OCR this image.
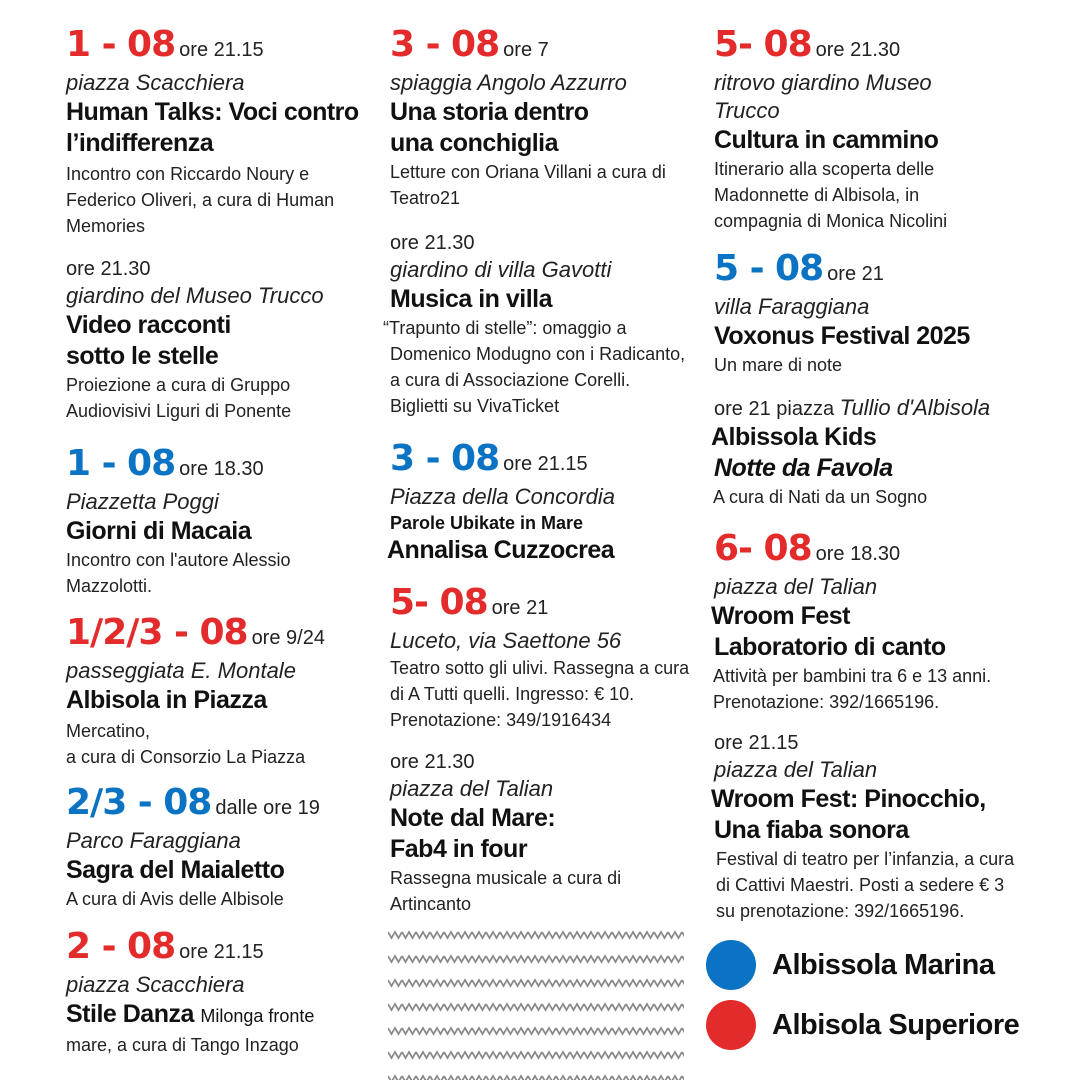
1 - 08 ore 21.15
piazza Scacchiera
Human Talks: Voci contro
l’indifferenza
Incontro con Riccardo Noury e
Federico Oliveri, a cura di Human
Memories
ore 21.30
giardino del Museo Trucco
Video racconti
sotto le stelle
Proiezione a cura di Gruppo
Audiovisivi Liguri di Ponente
1 - 08 ore 18.30
Piazzetta Poggi
Giorni di Macaia
Incontro con l'autore Alessio
Mazzolotti.
1/2/3 - 08 ore 9/24
passeggiata E. Montale
Albisola in Piazza
Mercatino,
a cura di Consorzio La Piazza
2/3 - 08 dalle ore 19
Parco Faraggiana
Sagra del Maialetto
A cura di Avis delle Albisole
2 - 08 ore 21.15
piazza Scacchiera
Stile Danza Milonga fronte
mare, a cura di Tango Inzago
3 - 08 ore 7
spiaggia Angolo Azzurro
Una storia dentro
una conchiglia
Letture con Oriana Villani a cura di
Teatro21
ore 21.30
giardino di villa Gavotti
Musica in villa
“Trapunto di stelle”: omaggio a
Domenico Modugno con i Radicanto,
a cura di Associazione Corelli.
Biglietti su VivaTicket
3 - 08 ore 21.15
Piazza della Concordia
Parole Ubikate in Mare
Annalisa Cuzzocrea
5- 08 ore 21
Luceto, via Saettone 56
Teatro sotto gli ulivi. Rassegna a cura
di A Tutti quelli. Ingresso: € 10.
Prenotazione: 349/1916434
ore 21.30
piazza del Talian
Note dal Mare:
Fab4 in four
Rassegna musicale a cura di
Artincanto
5- 08 ore 21.30
ritrovo giardino Museo
Trucco
Cultura in cammino
Itinerario alla scoperta delle
Madonnette di Albisola, in
compagnia di Monica Nicolini
5 - 08 ore 21
villa Faraggiana
Voxonus Festival 2025
Un mare di note
ore 21 piazza Tullio d'Albisola
Albissola Kids
Notte da Favola
A cura di Nati da un Sogno
6- 08 ore 18.30
piazza del Talian
Wroom Fest
Laboratorio di canto
Attività per bambini tra 6 e 13 anni.
Prenotazione: 392/1665196.
ore 21.15
piazza del Talian
Wroom Fest: Pinocchio,
Una fiaba sonora
Festival di teatro per l’infanzia, a cura
di Cattivi Maestri. Posti a sedere € 3
su prenotazione: 392/1665196.
Albissola Marina
Albisola Superiore
